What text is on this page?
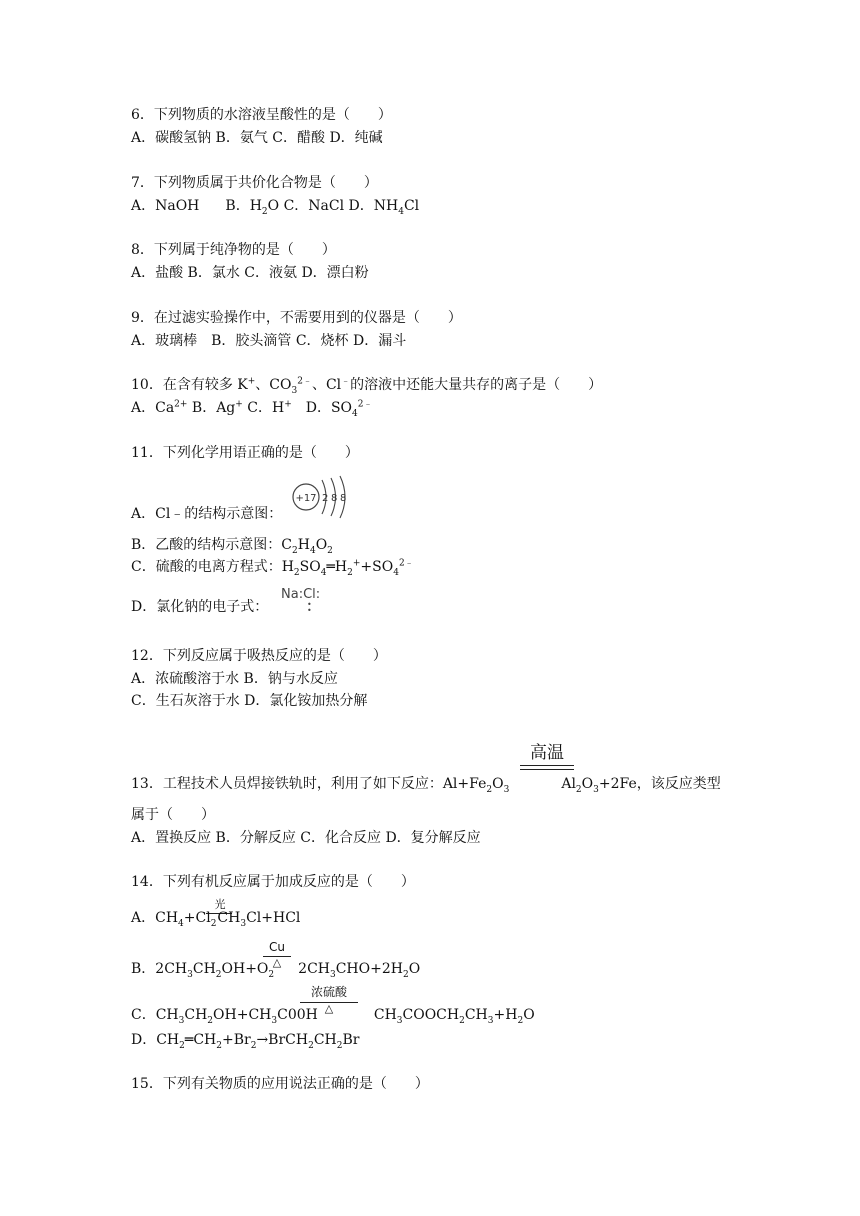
6．下列物质的水溶液呈酸性的是（　　）
A．碳酸氢钠 B．氨气 C．醋酸 D．纯碱
7．下列物质属于共价化合物是（　　）
A．NaOH B．$H_2O$ C．NaCl D．$NH_4Cl$
8．下列属于纯净物的是（　　）
A．盐酸 B．氯水 C．液氨 D．漂白粉
9．在过滤实验操作中，不需要用到的仪器是（　　）
A．玻璃棒　B．胶头滴管 C．烧杯 D．漏斗
10．在含有较多 K+、$CO_3^{2﹣}$、Cl﹣的溶液中还能大量共存的离子是（　　）
A．$Ca^{2+}$ B．Ag+ C．H+　D．$SO_4^{2﹣}$
11．下列化学用语正确的是（　　）
A．Cl﹣的结构示意图：
+17 2 8 8
B．乙酸的结构示意图：$C_2H_4O_2$
C．硫酸的电离方程式：$H_2SO_4═H_2^++SO_4^{2﹣}$
D．氯化钠的电子式：
Na:Cl:
• •
12．下列反应属于吸热反应的是（　　）
A．浓硫酸溶于水 B．钠与水反应
C．生石灰溶于水 D．氯化铵加热分解
高温
13．工程技术人员焊接铁轨时，利用了如下反应：$Al+Fe_2O_3$	$Al_2O_3+2Fe$，该反应类型
属于（　　）
A．置换反应 B．分解反应 C．化合反应 D．复分解反应
14．下列有机反应属于加成反应的是（　　）
光
A．$CH_4+Cl_2CH_3Cl+HCl$
Cu
△
B．$2CH_3CH_2OH+O_2$ $2CH_3CHO+2H_2O$
浓硫酸
△
C．$CH_3CH_2OH+CH_3C00H$	$CH_3COOCH_2CH_3+H_2O$
D．$CH_2═CH_2+Br_2\to BrCH_2CH_2Br$
15．下列有关物质的应用说法正确的是（　　）
